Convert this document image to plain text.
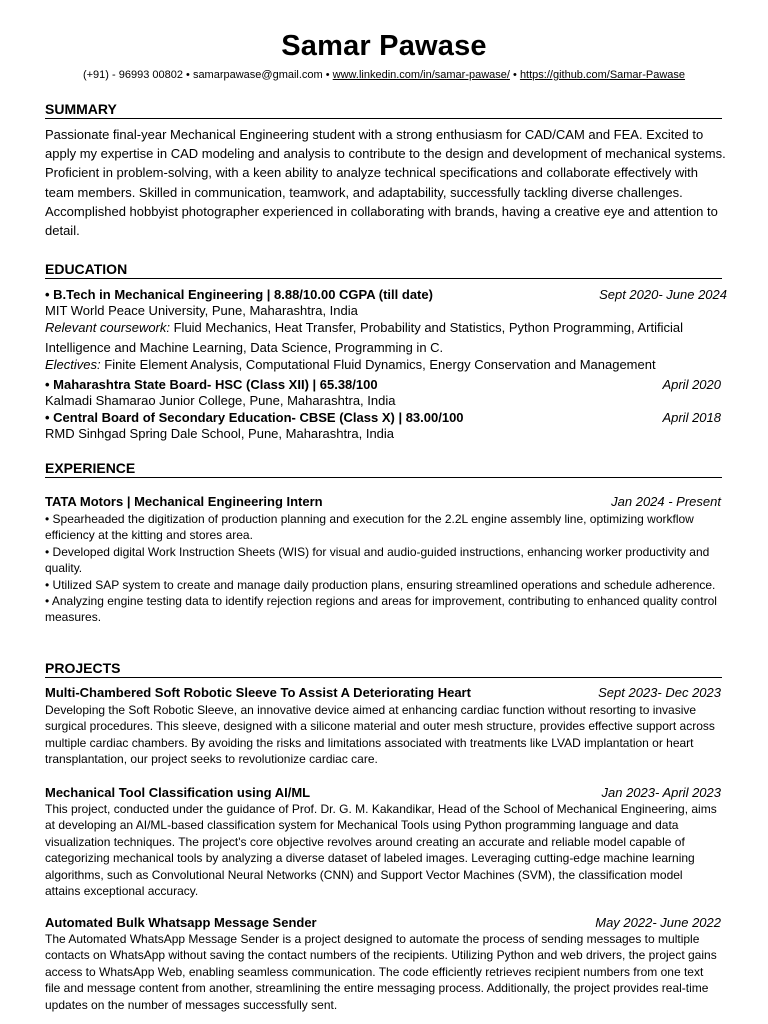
Samar Pawase
(+91) - 96993 00802 • samarpawase@gmail.com • www.linkedin.com/in/samar-pawase/ • https://github.com/Samar-Pawase
SUMMARY
Passionate final-year Mechanical Engineering student with a strong enthusiasm for CAD/CAM and FEA. Excited to apply my expertise in CAD modeling and analysis to contribute to the design and development of mechanical systems. Proficient in problem-solving, with a keen ability to analyze technical specifications and collaborate effectively with team members. Skilled in communication, teamwork, and adaptability, successfully tackling diverse challenges. Accomplished hobbyist photographer experienced in collaborating with brands, having a creative eye and attention to detail.
EDUCATION
• B.Tech in Mechanical Engineering | 8.88/10.00 CGPA (till date)	Sept 2020- June 2024
MIT World Peace University, Pune, Maharashtra, India
Relevant coursework: Fluid Mechanics, Heat Transfer, Probability and Statistics, Python Programming, Artificial Intelligence and Machine Learning, Data Science, Programming in C.
Electives: Finite Element Analysis, Computational Fluid Dynamics, Energy Conservation and Management
• Maharashtra State Board- HSC (Class XII) | 65.38/100	April 2020
Kalmadi Shamarao Junior College, Pune, Maharashtra, India
• Central Board of Secondary Education- CBSE (Class X) | 83.00/100	April 2018
RMD Sinhgad Spring Dale School, Pune, Maharashtra, India
EXPERIENCE
TATA Motors | Mechanical Engineering Intern	Jan 2024 - Present
• Spearheaded the digitization of production planning and execution for the 2.2L engine assembly line, optimizing workflow efficiency at the kitting and stores area.
• Developed digital Work Instruction Sheets (WIS) for visual and audio-guided instructions, enhancing worker productivity and quality.
• Utilized SAP system to create and manage daily production plans, ensuring streamlined operations and schedule adherence.
• Analyzing engine testing data to identify rejection regions and areas for improvement, contributing to enhanced quality control measures.
PROJECTS
Multi-Chambered Soft Robotic Sleeve To Assist A Deteriorating Heart	Sept 2023- Dec 2023
Developing the Soft Robotic Sleeve, an innovative device aimed at enhancing cardiac function without resorting to invasive surgical procedures. This sleeve, designed with a silicone material and outer mesh structure, provides effective support across multiple cardiac chambers. By avoiding the risks and limitations associated with treatments like LVAD implantation or heart transplantation, our project seeks to revolutionize cardiac care.
Mechanical Tool Classification using AI/ML	Jan 2023- April 2023
This project, conducted under the guidance of Prof. Dr. G. M. Kakandikar, Head of the School of Mechanical Engineering, aims at developing an AI/ML-based classification system for Mechanical Tools using Python programming language and data visualization techniques. The project's core objective revolves around creating an accurate and reliable model capable of categorizing mechanical tools by analyzing a diverse dataset of labeled images. Leveraging cutting-edge machine learning algorithms, such as Convolutional Neural Networks (CNN) and Support Vector Machines (SVM), the classification model attains exceptional accuracy.
Automated Bulk Whatsapp Message Sender	May 2022- June 2022
The Automated WhatsApp Message Sender is a project designed to automate the process of sending messages to multiple contacts on WhatsApp without saving the contact numbers of the recipients. Utilizing Python and web drivers, the project gains access to WhatsApp Web, enabling seamless communication. The code efficiently retrieves recipient numbers from one text file and message content from another, streamlining the entire messaging process. Additionally, the project provides real-time updates on the number of messages successfully sent.
